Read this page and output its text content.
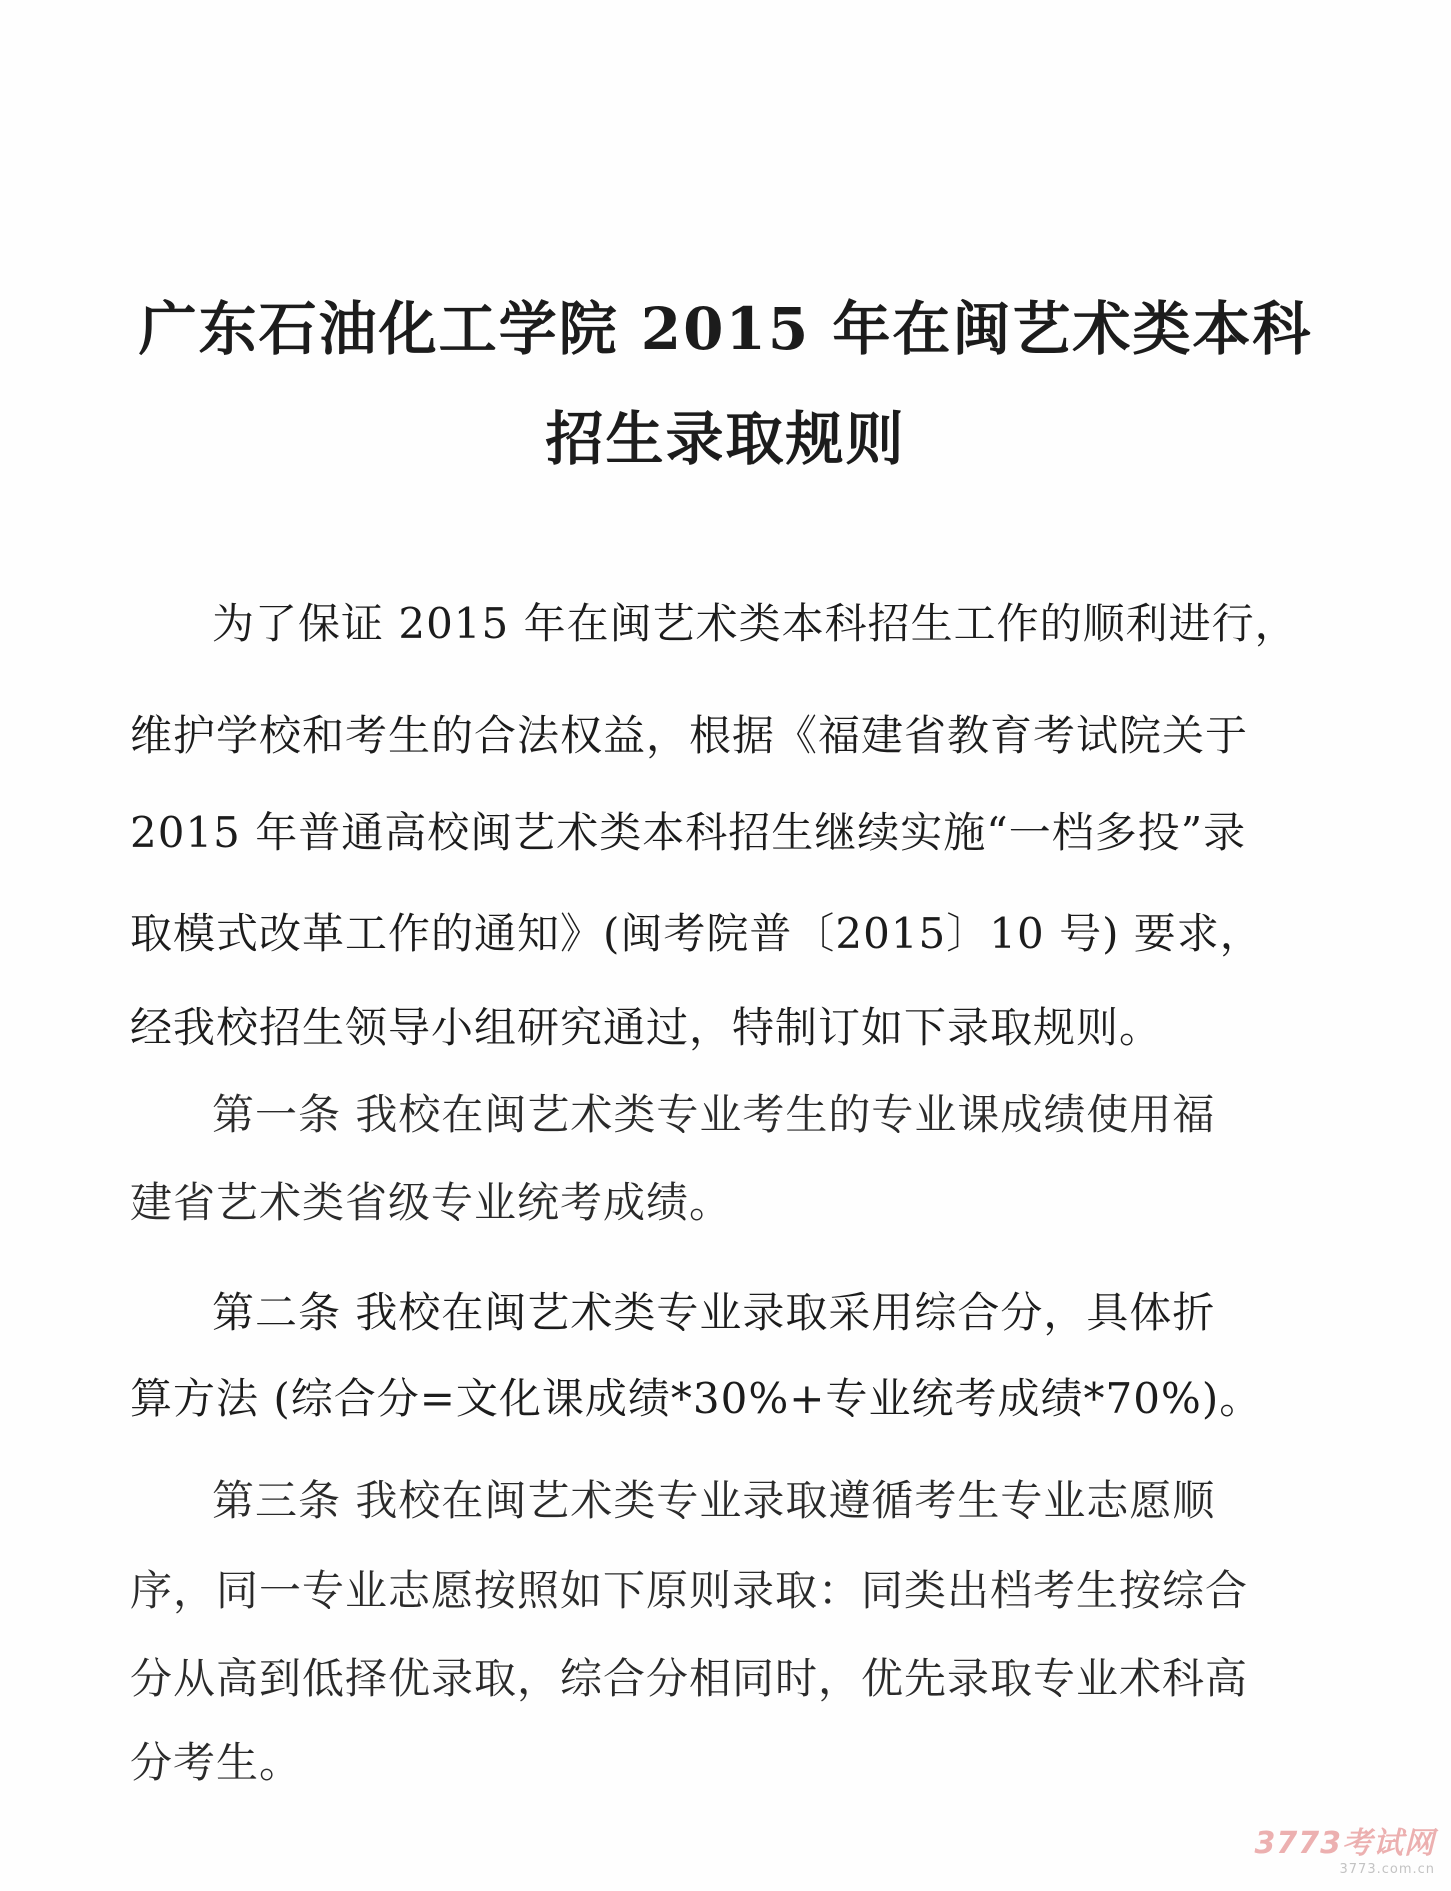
广东石油化工学院 2015 年在闽艺术类本科
招生录取规则
为了保证 2015 年在闽艺术类本科招生工作的顺利进行，
维护学校和考生的合法权益，根据《福建省教育考试院关于
2015 年普通高校闽艺术类本科招生继续实施“一档多投”录
取模式改革工作的通知》(闽考院普〔2015〕10 号) 要求，
经我校招生领导小组研究通过，特制订如下录取规则。
第一条 我校在闽艺术类专业考生的专业课成绩使用福
建省艺术类省级专业统考成绩。
第二条 我校在闽艺术类专业录取采用综合分，具体折
算方法 (综合分=文化课成绩*30%+专业统考成绩*70%)。
第三条 我校在闽艺术类专业录取遵循考生专业志愿顺
序，同一专业志愿按照如下原则录取：同类出档考生按综合
分从高到低择优录取，综合分相同时，优先录取专业术科高
分考生。
3773考试网
3773.com.cn
